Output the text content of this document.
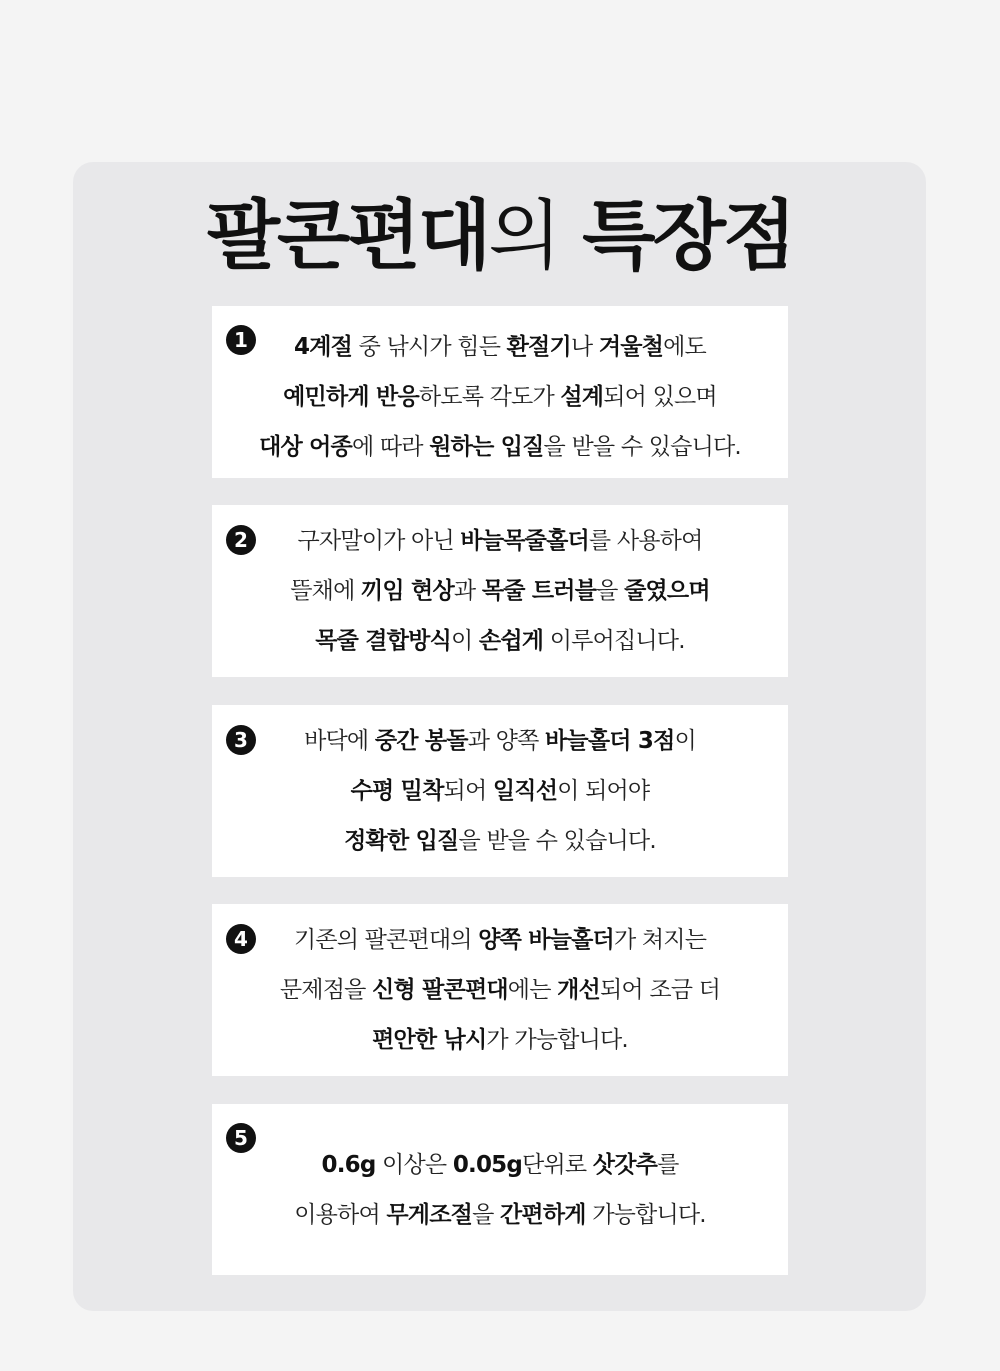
팔콘편대의 특장점
1	4계절 중 낚시가 힘든 환절기나 겨울철에도
예민하게 반응하도록 각도가 설계되어 있으며
대상 어종에 따라 원하는 입질을 받을 수 있습니다.
2	구자말이가 아닌 바늘목줄홀더를 사용하여
뜰채에 끼임 현상과 목줄 트러블을 줄였으며
목줄 결합방식이 손쉽게 이루어집니다.
3	바닥에 중간 봉돌과 양쪽 바늘홀더 3점이
수평 밀착되어 일직선이 되어야
정확한 입질을 받을 수 있습니다.
4	기존의 팔콘편대의 양쪽 바늘홀더가 쳐지는
문제점을 신형 팔콘편대에는 개선되어 조금 더
편안한 낚시가 가능합니다.
5
0.6g 이상은 0.05g단위로 삿갓추를
이용하여 무게조절을 간편하게 가능합니다.
